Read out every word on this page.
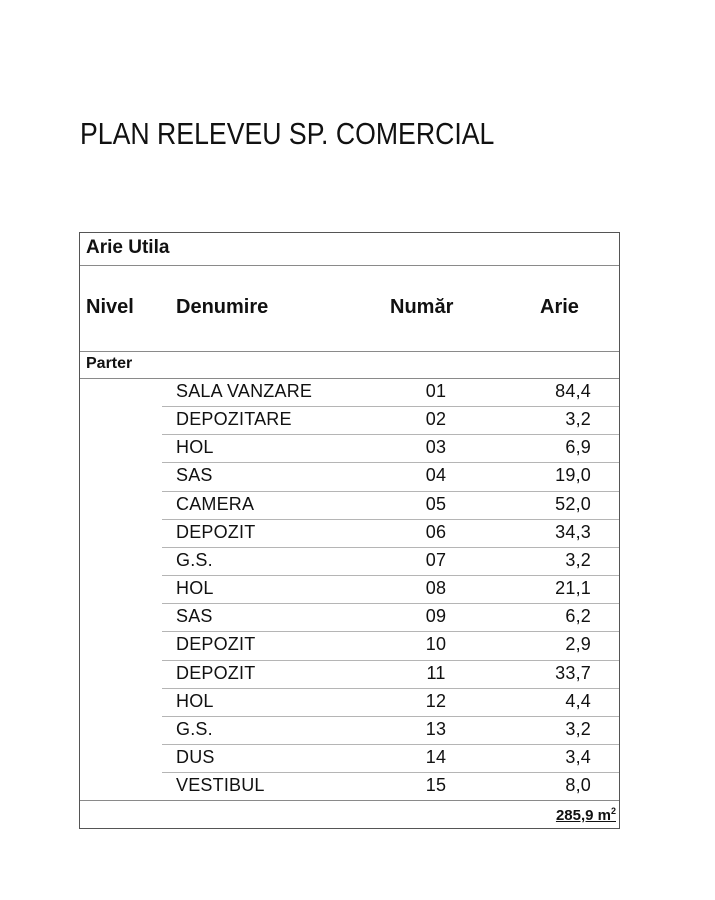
PLAN RELEVEU SP. COMERCIAL
Arie Utila
Nivel Denumire	Număr	Arie
Parter
SALA VANZARE	01	84,4
DEPOZITARE	02	3,2
HOL	03	6,9
SAS	04	19,0
CAMERA	05	52,0
DEPOZIT	06	34,3
G.S.	07	3,2
HOL	08	21,1
SAS	09	6,2
DEPOZIT	10	2,9
DEPOZIT	11	33,7
HOL	12	4,4
G.S.	13	3,2
DUS	14	3,4
VESTIBUL	15	8,0
285,9 $m^2$
